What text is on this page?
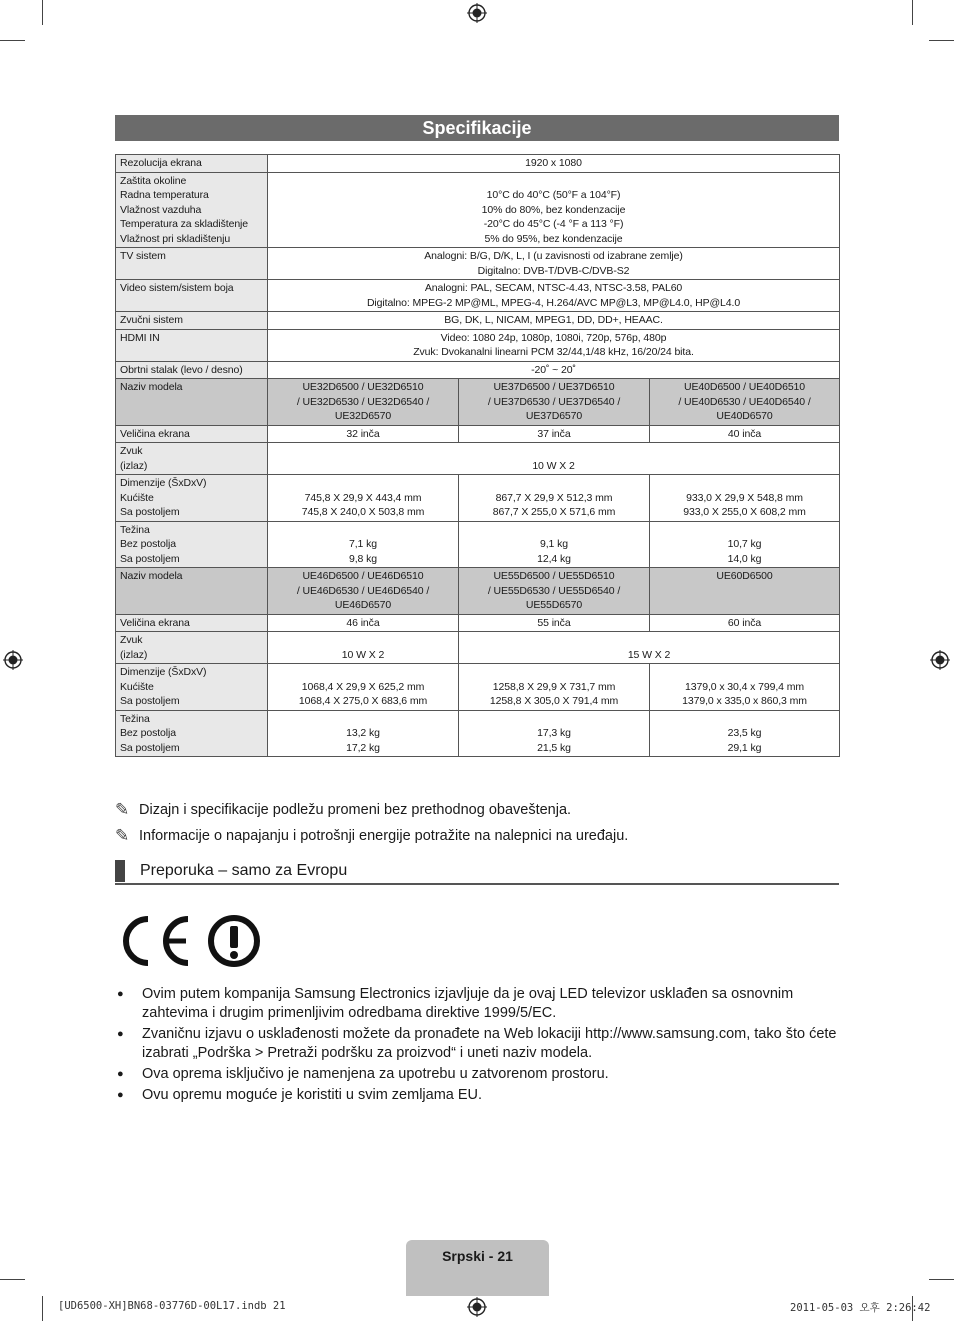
Specifikacije
Rezolucija ekrana	1920 x 1080		

Zaštita okoline
Radna temperatura
Vlažnost vazduha
Temperatura za skladištenje
Vlažnost pri skladištenju	10°C do 40°C (50°F a 104°F)
10% do 80%, bez kondenzacije
-20°C do 45°C (-4 °F a 113 °F)
5% do 95%, bez kondenzacije		

TV sistem	Analogni: B/G, D/K, L, I (u zavisnosti od izabrane zemlje)
Digitalno: DVB-T/DVB-C/DVB-S2		

Video sistem/sistem boja	Analogni: PAL, SECAM, NTSC-4.43, NTSC-3.58, PAL60
Digitalno: MPEG-2 MP@ML, MPEG-4, H.264/AVC MP@L3, MP@L4.0, HP@L4.0		

Zvučni sistem	BG, DK, L, NICAM, MPEG1, DD, DD+, HEAAC.		
HDMI IN	Video: 1080 24p, 1080p, 1080i, 720p, 576p, 480p
Zvuk: Dvokanalni linearni PCM 32/44,1/48 kHz, 16/20/24 bita.		

Obrtni stalak (levo / desno)	-20˚ ~ 20˚		
Naziv modela	UE32D6500 / UE32D6510
/ UE32D6530 / UE32D6540 /
UE32D6570	UE37D6500 / UE37D6510
/ UE37D6530 / UE37D6540 /
UE37D6570	UE40D6500 / UE40D6510
/ UE40D6530 / UE40D6540 /
UE40D6570

Veličina ekrana	32 inča	37 inča	40 inča

Zvuk
(izlaz)	10 W X 2		

Dimenzije (ŠxDxV)
Kućište
Sa postoljem	745,8 X 29,9 X 443,4 mm
745,8 X 240,0 X 503,8 mm	867,7 X 29,9 X 512,3 mm
867,7 X 255,0 X 571,6 mm	933,0 X 29,9 X 548,8 mm
933,0 X 255,0 X 608,2 mm

Težina
Bez postolja
Sa postoljem	7,1 kg
9,8 kg	9,1 kg
12,4 kg	10,7 kg
14,0 kg

Naziv modela	UE46D6500 / UE46D6510
/ UE46D6530 / UE46D6540 /
UE46D6570	UE55D6500 / UE55D6510
/ UE55D6530 / UE55D6540 /
UE55D6570	UE60D6500

Veličina ekrana	46 inča	55 inča	60 inča

Zvuk
(izlaz)	10 W X 2	15 W X 2	

Dimenzije (ŠxDxV)
Kućište
Sa postoljem	1068,4 X 29,9 X 625,2 mm
1068,4 X 275,0 X 683,6 mm	1258,8 X 29,9 X 731,7 mm
1258,8 X 305,0 X 791,4 mm	1379,0 x 30,4 x 799,4 mm
1379,0 x 335,0 x 860,3 mm

Težina
Bez postolja
Sa postoljem	13,2 kg
17,2 kg	17,3 kg
21,5 kg	23,5 kg
29,1 kg
✎ Dizajn i specifikacije podležu promeni bez prethodnog obaveštenja.
✎ Informacije o napajanju i potrošnji energije potražite na nalepnici na uređaju.
Preporuka – samo za Evropu
●	Ovim putem kompanija Samsung Electronics izjavljuje da je ovaj LED televizor usklađen sa osnovnim zahtevima i drugim primenljivim odredbama direktive 1999/5/EC.
●	Zvaničnu izjavu o usklađenosti možete da pronađete na Web lokaciji http://www.samsung.com, tako što ćete izabrati „Podrška > Pretraži podršku za proizvod“ i uneti naziv modela.
●	Ova oprema isključivo je namenjena za upotrebu u zatvorenom prostoru.
●	Ovu opremu moguće je koristiti u svim zemljama EU.
Srpski - 21
[UD6500-XH]BN68-03776D-00L17.indb 21	2011-05-03 오후 2:26:42
